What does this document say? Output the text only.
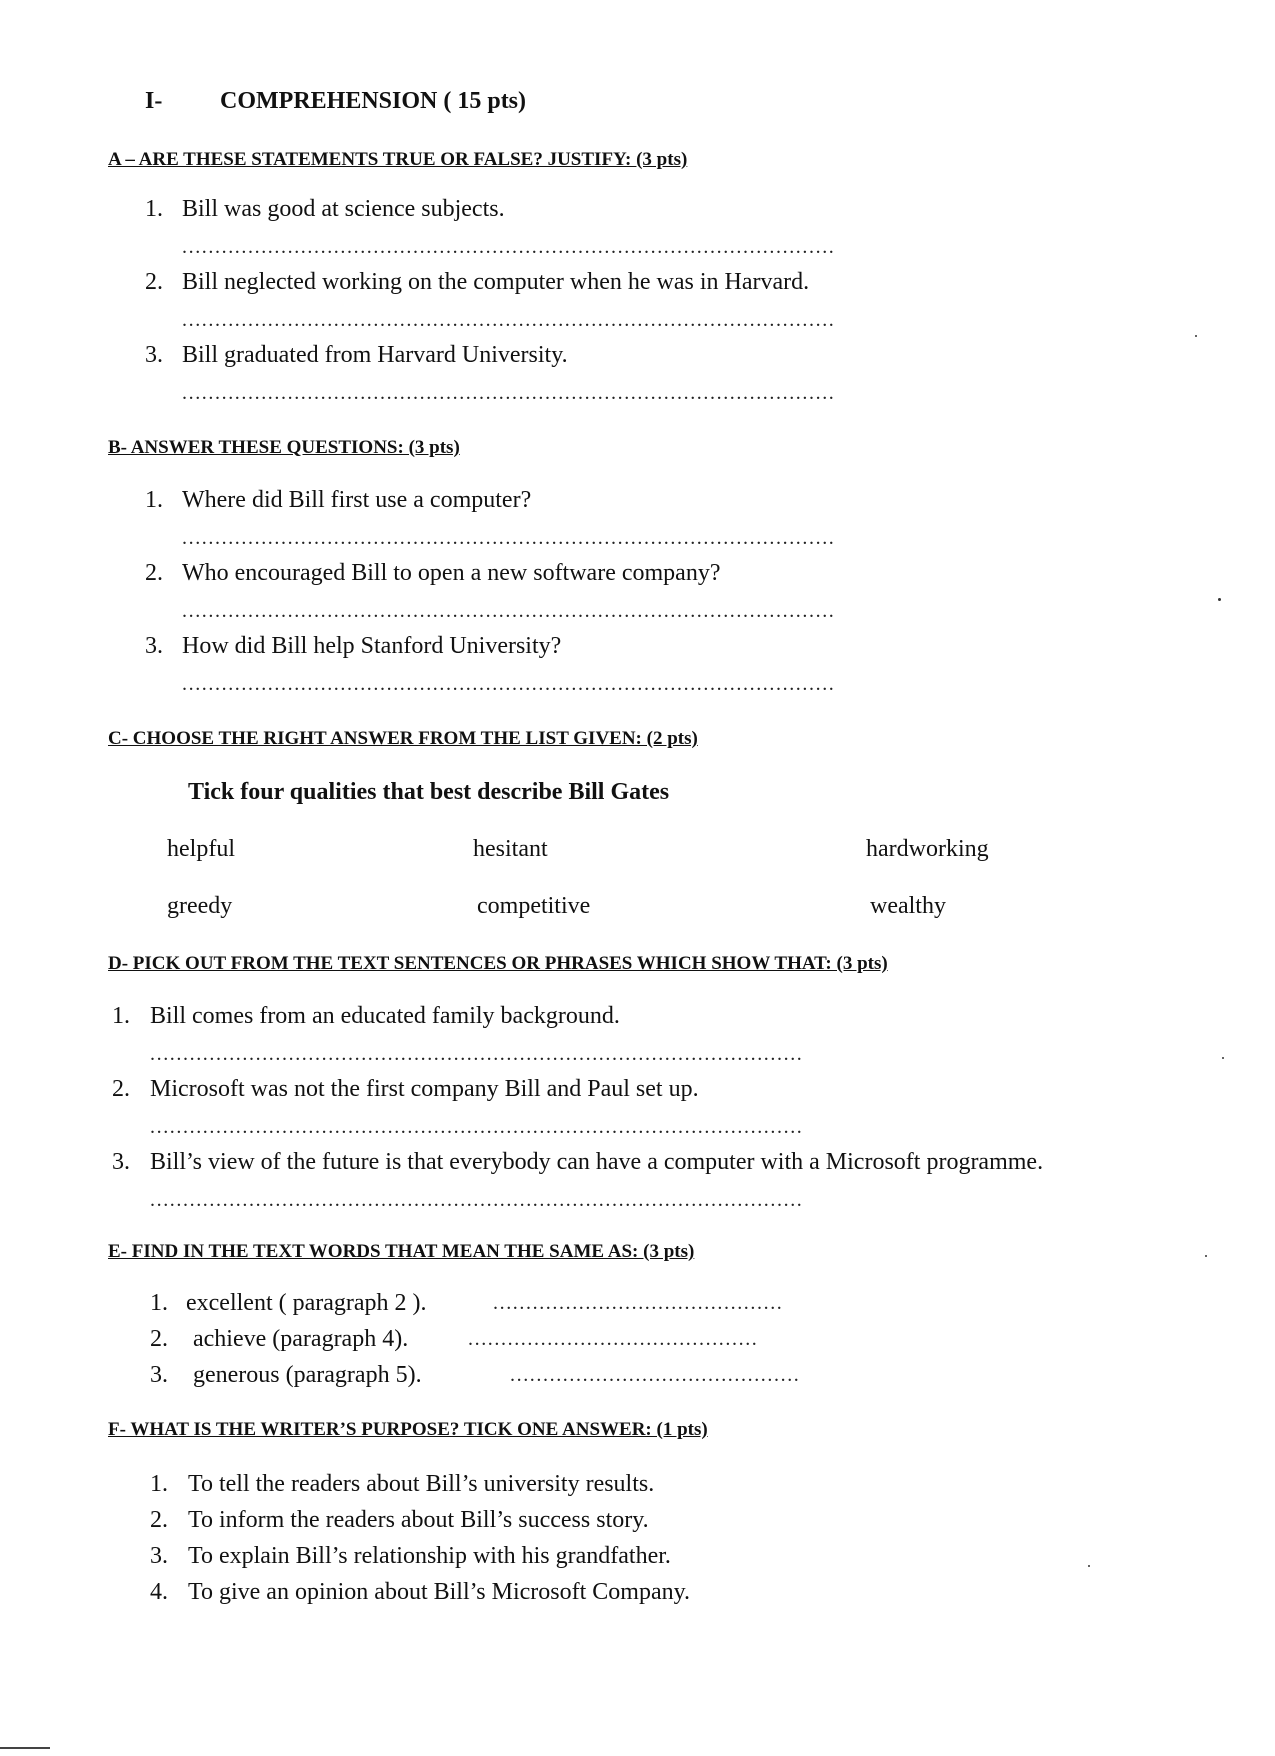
I- COMPREHENSION ( 15 pts)
A – ARE THESE STATEMENTS TRUE OR FALSE? JUSTIFY: (3 pts)
1. Bill was good at science subjects.
...................................................................................................
2. Bill neglected working on the computer when he was in Harvard.
...................................................................................................
3. Bill graduated from Harvard University.
...................................................................................................
B- ANSWER THESE QUESTIONS: (3 pts)
1. Where did Bill first use a computer?
...................................................................................................
2. Who encouraged Bill to open a new software company?
...................................................................................................
3. How did Bill help Stanford University?
...................................................................................................
C- CHOOSE THE RIGHT ANSWER FROM THE LIST GIVEN: (2 pts)
Tick four qualities that best describe Bill Gates
helpful	hesitant	hardworking
greedy	competitive	wealthy
D- PICK OUT FROM THE TEXT SENTENCES OR PHRASES WHICH SHOW THAT: (3 pts)
1. Bill comes from an educated family background.
...................................................................................................
2. Microsoft was not the first company Bill and Paul set up.
...................................................................................................
3. Bill’s view of the future is that everybody can have a computer with a Microsoft programme.
...................................................................................................
E- FIND IN THE TEXT WORDS THAT MEAN THE SAME AS: (3 pts)
1. excellent ( paragraph 2 ).	............................................
2. achieve (paragraph 4).	............................................
3. generous (paragraph 5).	............................................
F- WHAT IS THE WRITER’S PURPOSE? TICK ONE ANSWER: (1 pts)
1. To tell the readers about Bill’s university results.
2. To inform the readers about Bill’s success story.
3. To explain Bill’s relationship with his grandfather.
4. To give an opinion about Bill’s Microsoft Company.
